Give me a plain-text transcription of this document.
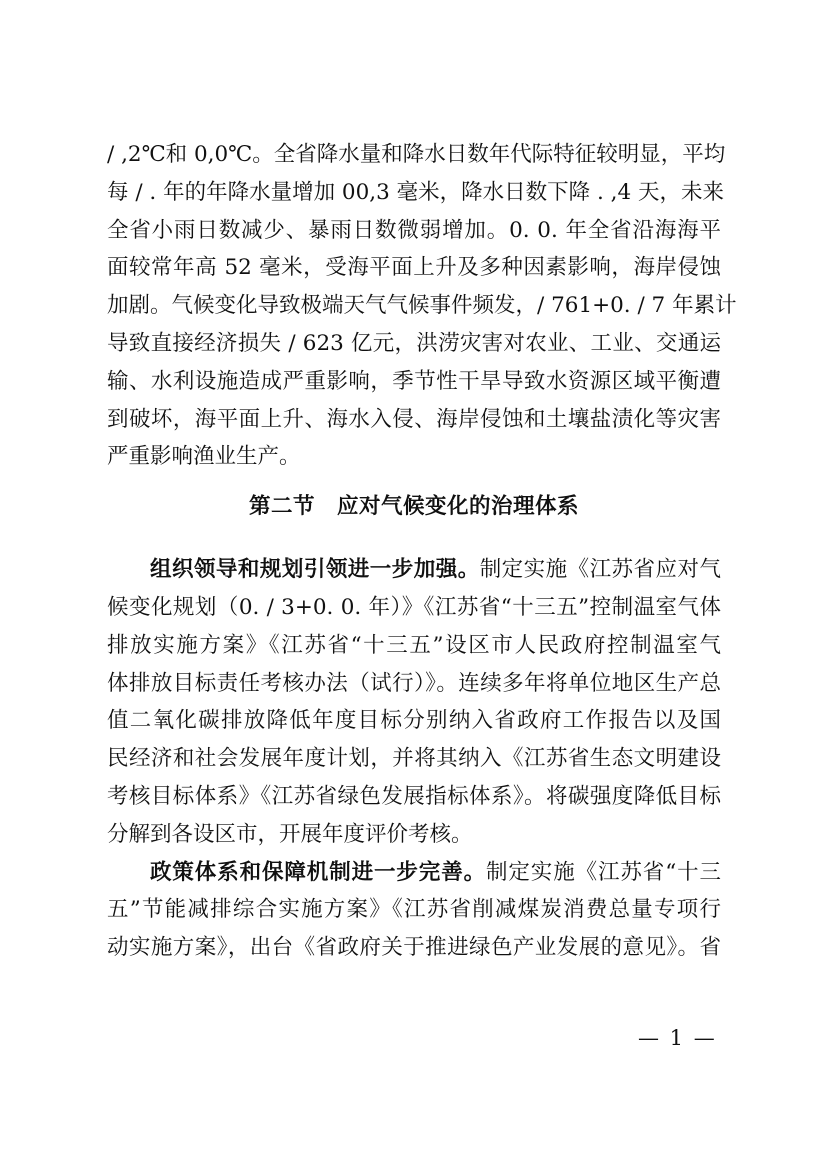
/ ,2℃和 0,0℃。全省降水量和降水日数年代际特征较明显，平均
每 / . 年的年降水量增加 00,3 毫米，降水日数下降 . ,4 天，未来
全省小雨日数减少、暴雨日数微弱增加。0. 0. 年全省沿海海平
面较常年高 52 毫米，受海平面上升及多种因素影响，海岸侵蚀
加剧。气候变化导致极端天气气候事件频发，/ 761+0. / 7 年累计
导致直接经济损失 / 623 亿元，洪涝灾害对农业、工业、交通运
输、水利设施造成严重影响，季节性干旱导致水资源区域平衡遭
到破坏，海平面上升、海水入侵、海岸侵蚀和土壤盐渍化等灾害
严重影响渔业生产。
第二节　应对气候变化的治理体系
组织领导和规划引领进一步加强。制定实施《江苏省应对气
候变化规划（0. / 3+0. 0. 年）》《江苏省“十三五”控制温室气体
排放实施方案》《江苏省“十三五”设区市人民政府控制温室气
体排放目标责任考核办法（试行）》。连续多年将单位地区生产总
值二氧化碳排放降低年度目标分别纳入省政府工作报告以及国
民经济和社会发展年度计划，并将其纳入《江苏省生态文明建设
考核目标体系》《江苏省绿色发展指标体系》。将碳强度降低目标
分解到各设区市，开展年度评价考核。
政策体系和保障机制进一步完善。制定实施《江苏省“十三
五”节能减排综合实施方案》《江苏省削减煤炭消费总量专项行
动实施方案》，出台《省政府关于推进绿色产业发展的意见》。省
— 1 —
